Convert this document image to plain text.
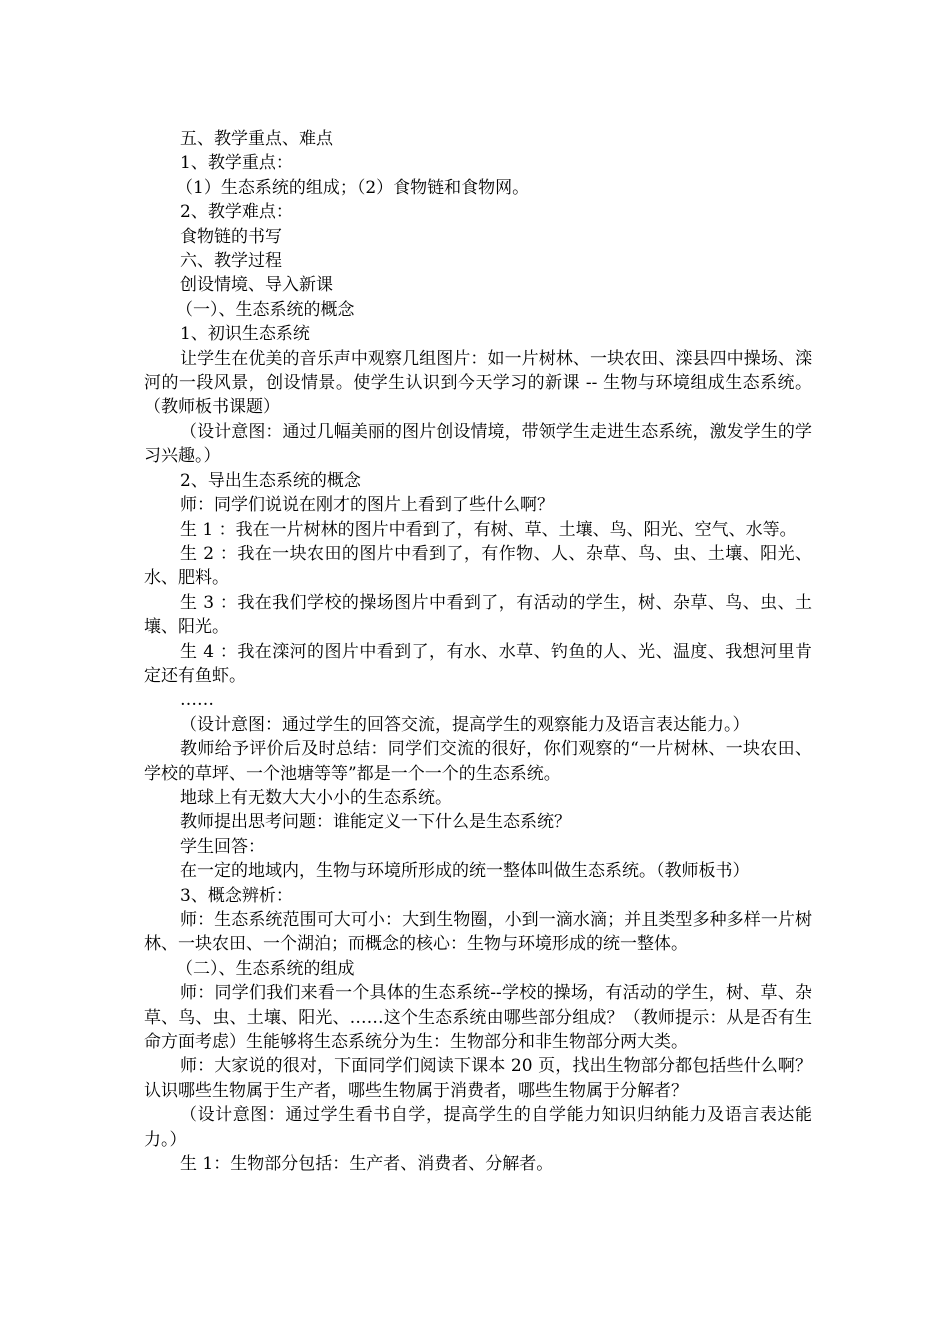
五、教学重点、难点

1、教学重点：

（1）生态系统的组成；（2）食物链和食物网。

2、教学难点：

食物链的书写

六、教学过程

创设情境、导入新课

（一）、生态系统的概念

1、初识生态系统

让学生在优美的音乐声中观察几组图片：如一片树林、一块农田、滦县四中操场、滦河的一段风景，创设情景。使学生认识到今天学习的新课 -- 生物与环境组成生态系统。（教师板书课题）

（设计意图：通过几幅美丽的图片创设情境，带领学生走进生态系统，激发学生的学习兴趣。）

2、导出生态系统的概念

师：同学们说说在刚才的图片上看到了些什么啊？

生 1 ：我在一片树林的图片中看到了，有树、草、土壤、鸟、阳光、空气、水等。

生 2 ：我在一块农田的图片中看到了，有作物、人、杂草、鸟、虫、土壤、阳光、水、肥料。

生 3 ：我在我们学校的操场图片中看到了，有活动的学生，树、杂草、鸟、虫、土壤、阳光。

生 4 ：我在滦河的图片中看到了，有水、水草、钓鱼的人、光、温度、我想河里肯定还有鱼虾。

……

（设计意图：通过学生的回答交流，提高学生的观察能力及语言表达能力。）

教师给予评价后及时总结：同学们交流的很好，你们观察的“一片树林、一块农田、学校的草坪、一个池塘等等”都是一个一个的生态系统。

地球上有无数大大小小的生态系统。

教师提出思考问题：谁能定义一下什么是生态系统？

学生回答：

在一定的地域内，生物与环境所形成的统一整体叫做生态系统。（教师板书）

3、概念辨析：

师：生态系统范围可大可小：大到生物圈，小到一滴水滴；并且类型多种多样一片树林、一块农田、一个湖泊；而概念的核心：生物与环境形成的统一整体。

（二）、生态系统的组成

师：同学们我们来看一个具体的生态系统--学校的操场，有活动的学生，树、草、杂草、鸟、虫、土壤、阳光、……这个生态系统由哪些部分组成？（教师提示：从是否有生命方面考虑）生能够将生态系统分为生：生物部分和非生物部分两大类。

师：大家说的很对，下面同学们阅读下课本 20 页，找出生物部分都包括些什么啊？认识哪些生物属于生产者，哪些生物属于消费者，哪些生物属于分解者？

（设计意图：通过学生看书自学，提高学生的自学能力知识归纳能力及语言表达能力。）

生 1：生物部分包括：生产者、消费者、分解者。
